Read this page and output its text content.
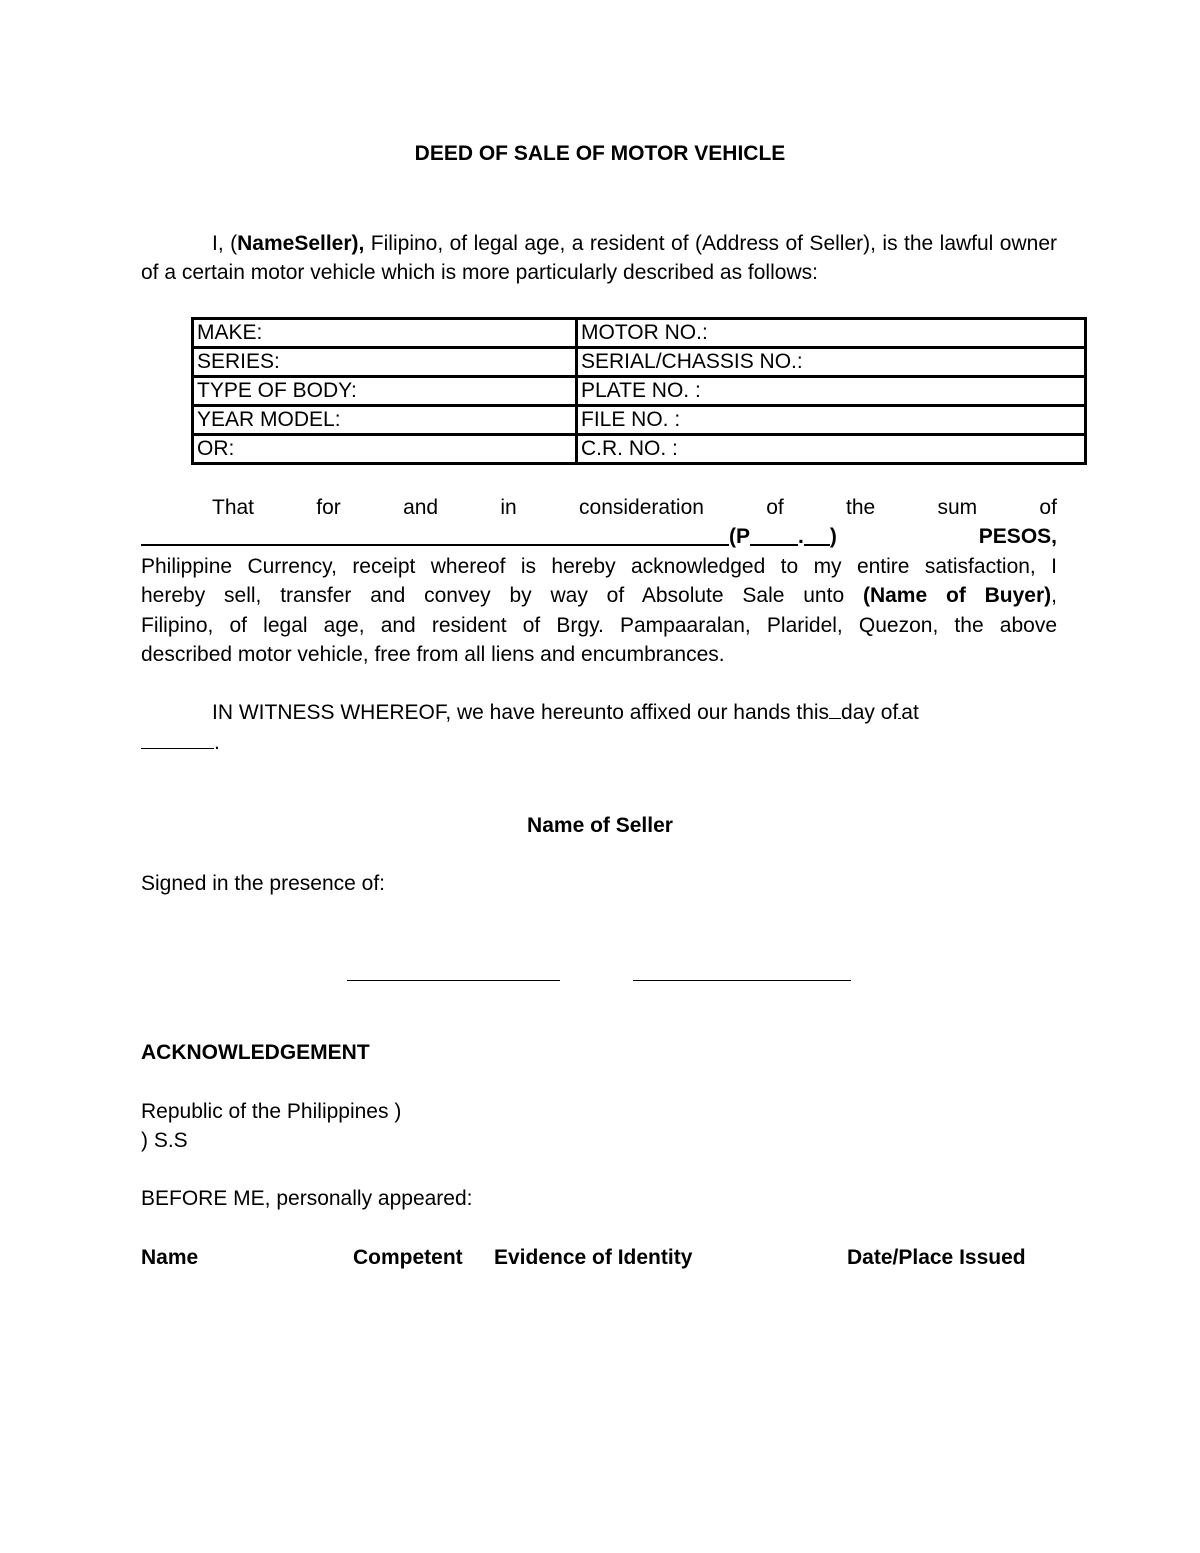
DEED OF SALE OF MOTOR VEHICLE
I, (NameSeller), Filipino, of legal age, a resident of (Address of Seller), is the lawful owner of a certain motor vehicle which is more particularly described as follows:
MAKE:	MOTOR NO.:
SERIES:	SERIAL/CHASSIS NO.:
TYPE OF BODY:	PLATE NO. :
YEAR MODEL:	FILE NO. :
OR:	C.R. NO. :
That	for	and	in	consideration	of	the	sum	of
(P . )	PESOS,
Philippine Currency, receipt whereof is hereby acknowledged to my entire satisfaction, I
hereby sell, transfer and convey by way of Absolute Sale unto (Name of Buyer),
Filipino, of legal age, and resident of Brgy. Pampaaralan, Plaridel, Quezon, the above
described motor vehicle, free from all liens and encumbrances.
IN WITNESS WHEREOF, we have hereunto affixed our hands this day of at
.
Name of Seller
Signed in the presence of:
ACKNOWLEDGEMENT
Republic of the Philippines )
) S.S
BEFORE ME, personally appeared:
Name	Competent Evidence of Identity	Date/Place Issued
